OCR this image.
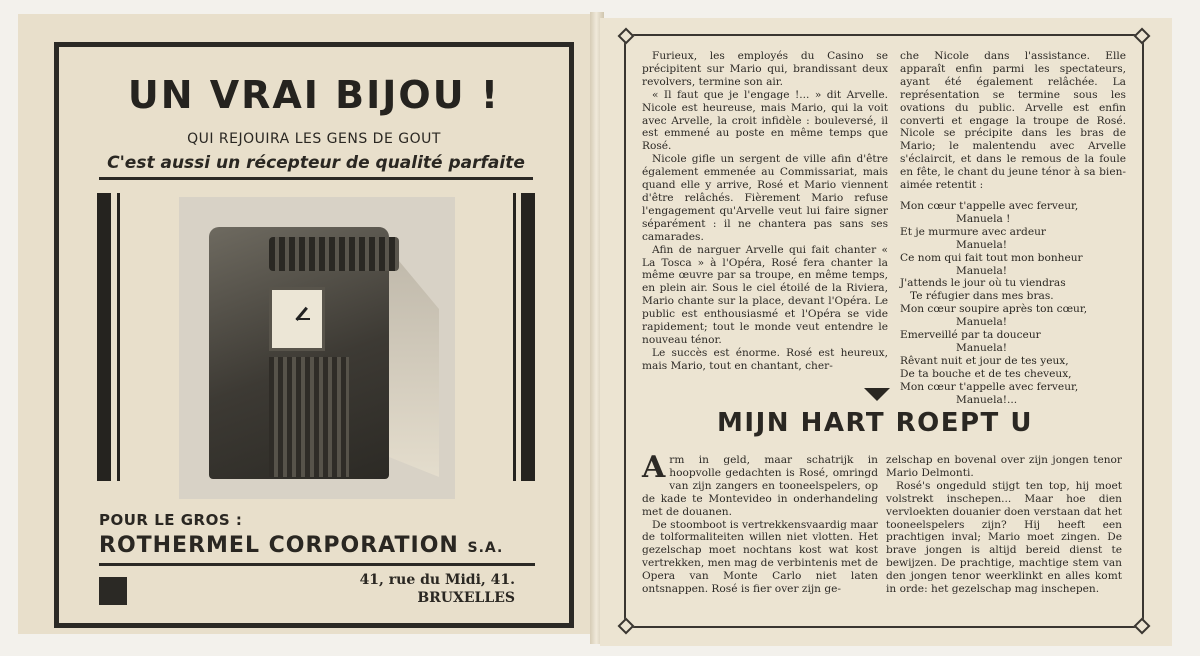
UN VRAI BIJOU !
QUI REJOUIRA LES GENS DE GOUT
C'est aussi un récepteur de qualité parfaite
POUR LE GROS :
ROTHERMEL CORPORATION S.A.
41, rue du Midi, 41.
BRUXELLES

Furieux, les employés du Casino se précipitent sur Mario qui, brandissant deux revolvers, termine son air.

« Il faut que je l'engage !... » dit Arvelle. Nicole est heureuse, mais Mario, qui la voit avec Arvelle, la croit infidèle : bouleversé, il est emmené au poste en même temps que Rosé.

Nicole gifle un sergent de ville afin d'être également emmenée au Commissariat, mais quand elle y arrive, Rosé et Mario viennent d'être relâchés. Fièrement Mario refuse l'engagement qu'Arvelle veut lui faire signer séparément : il ne chantera pas sans ses camarades.

Afin de narguer Arvelle qui fait chanter « La Tosca » à l'Opéra, Rosé fera chanter la même œuvre par sa troupe, en même temps, en plein air. Sous le ciel étoilé de la Riviera, Mario chante sur la place, devant l'Opéra. Le public est enthousiasmé et l'Opéra se vide rapidement; tout le monde veut entendre le nouveau ténor.

Le succès est énorme. Rosé est heureux, mais Mario, tout en chantant, cher-

che Nicole dans l'assistance. Elle apparaît enfin parmi les spectateurs, ayant été également relâchée. La représentation se termine sous les ovations du public. Arvelle est enfin converti et engage la troupe de Rosé. Nicole se précipite dans les bras de Mario; le malentendu avec Arvelle s'éclaircit, et dans le remous de la foule en fête, le chant du jeune ténor à sa bien-aimée retentit :

Mon cœur t'appelle avec ferveur,
Manuela !
Et je murmure avec ardeur
Manuela!
Ce nom qui fait tout mon bonheur
Manuela!
J'attends le jour où tu viendras
Te réfugier dans mes bras.
Mon cœur soupire après ton cœur,
Manuela!
Emerveillé par ta douceur
Manuela!
Rêvant nuit et jour de tes yeux,
De ta bouche et de tes cheveux,
Mon cœur t'appelle avec ferveur,
Manuela!...
MIJN HART ROEPT U

Arm in geld, maar schatrijk in hoopvolle gedachten is Rosé, omringd van zijn zangers en tooneelspelers, op de kade te Montevideo in onderhandeling met de douanen.

De stoomboot is vertrekkensvaardig maar de tolformaliteiten willen niet vlotten. Het gezelschap moet nochtans kost wat kost vertrekken, men mag de verbintenis met de Opera van Monte Carlo niet laten ontsnappen. Rosé is fier over zijn ge-

zelschap en bovenal over zijn jongen tenor Mario Delmonti.

Rosé's ongeduld stijgt ten top, hij moet volstrekt inschepen... Maar hoe dien vervloekten douanier doen verstaan dat het tooneelspelers zijn? Hij heeft een prachtigen inval; Mario moet zingen. De brave jongen is altijd bereid dienst te bewijzen. De prachtige, machtige stem van den jongen tenor weerklinkt en alles komt in orde: het gezelschap mag inschepen.
